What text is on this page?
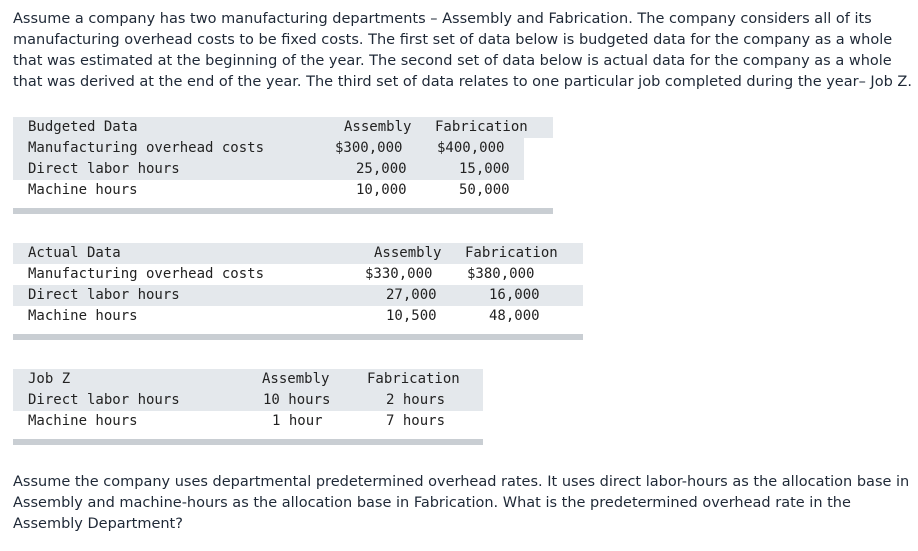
Assume a company has two manufacturing departments – Assembly and Fabrication. The company considers all of its
manufacturing overhead costs to be fixed costs. The first set of data below is budgeted data for the company as a whole
that was estimated at the beginning of the year. The second set of data below is actual data for the company as a whole
that was derived at the end of the year. The third set of data relates to one particular job completed during the year– Job Z.
Budgeted Data	Assembly Fabrication
Manufacturing overhead costs	$300,000 $400,000
Direct labor hours	25,000	15,000
Machine hours	10,000	50,000
Actual Data	Assembly Fabrication
Manufacturing overhead costs	$330,000 $380,000
Direct labor hours	27,000	16,000
Machine hours	10,500	48,000
Job Z	Assembly	Fabrication
Direct labor hours	10 hours	2 hours
Machine hours	1 hour	7 hours
Assume the company uses departmental predetermined overhead rates. It uses direct labor-hours as the allocation base in
Assembly and machine-hours as the allocation base in Fabrication. What is the predetermined overhead rate in the
Assembly Department?
